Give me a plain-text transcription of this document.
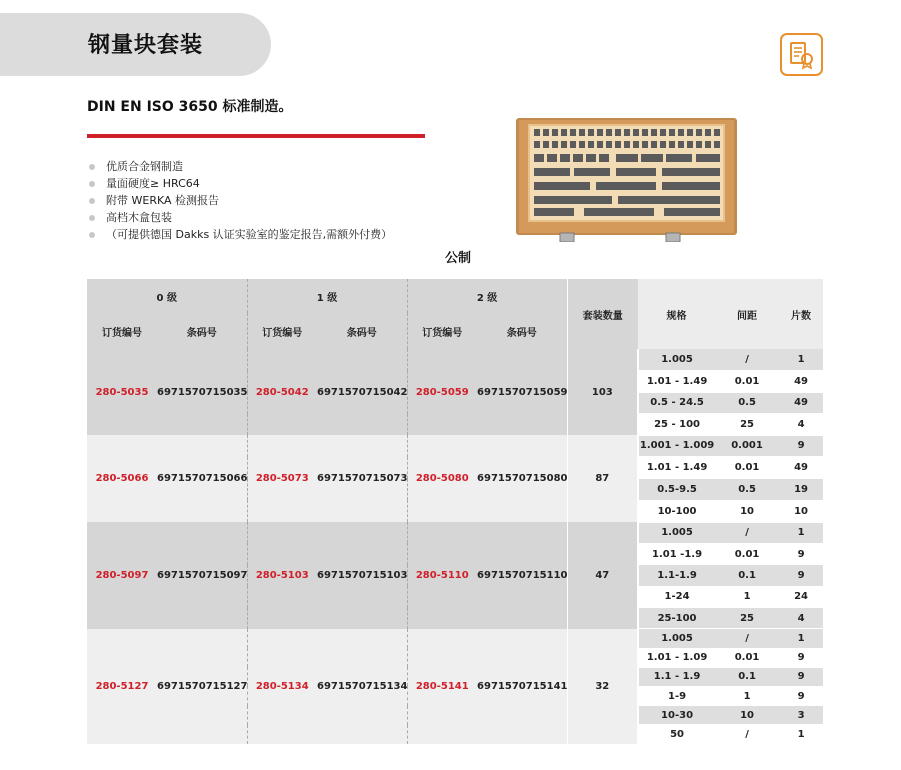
钢量块套装
DIN EN ISO 3650 标准制造。
优质合金钢制造
量面硬度≥ HRC64
附带 WERKA 检测报告
高档木盒包装
（可提供德国 Dakks 认证实验室的鉴定报告,需额外付费）
公制
0 级		1 级		2 级		套装数量	规格	间距	片数
订货编号	条码号	订货编号	条码号	订货编号	条码号				
280-5035	6971570715035	280-5042	6971570715042	280-5059	6971570715059	103	1.005	/	1
							1.01 - 1.49	0.01	49
							0.5 - 24.5	0.5	49
							25 - 100	25	4
280-5066	6971570715066	280-5073	6971570715073	280-5080	6971570715080	87	1.001 - 1.009	0.001	9
							1.01 - 1.49	0.01	49
							0.5-9.5	0.5	19
							10-100	10	10
280-5097	6971570715097	280-5103	6971570715103	280-5110	6971570715110	47	1.005	/	1
							1.01 -1.9	0.01	9
							1.1-1.9	0.1	9
							1-24	1	24
							25-100	25	4
280-5127	6971570715127	280-5134	6971570715134	280-5141	6971570715141	32	1.005	/	1
							1.01 - 1.09	0.01	9
							1.1 - 1.9	0.1	9
							1-9	1	9
							10-30	10	3
							50	/	1
